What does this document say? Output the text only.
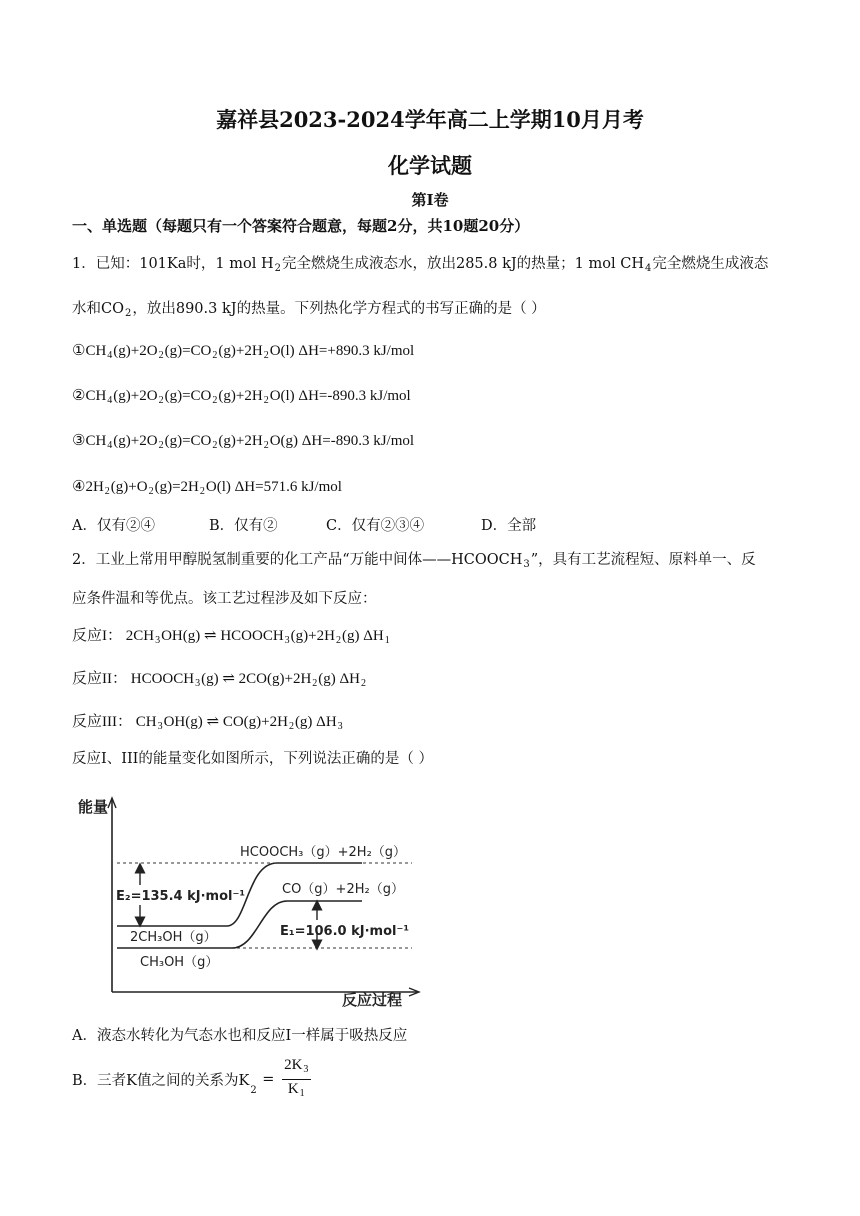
嘉祥县2023-2024学年高二上学期10月月考
化学试题
第I卷
一、单选题（每题只有一个答案符合题意，每题2分，共10题20分）
1．已知：101Ka时，1 mol $H_2$完全燃烧生成液态水，放出285.8 kJ的热量；1 mol $CH_4$完全燃烧生成液态
水和$CO_2$，放出890.3 kJ的热量。下列热化学方程式的书写正确的是（ ）
$①CH_4(g)+2O_2(g)=CO_2(g)+2H_2O(l)$ ΔH=+890.3 kJ/mol
$②CH_4(g)+2O_2(g)=CO_2(g)+2H_2O(l)$ ΔH=-890.3 kJ/mol
$③CH_4(g)+2O_2(g)=CO_2(g)+2H_2O(g)$ ΔH=-890.3 kJ/mol
$④2H_2(g)+O_2(g)=2H_2O(l)$ ΔH=571.6 kJ/mol
A．仅有②④	B．仅有②	C．仅有②③④	D．全部
2．工业上常用甲醇脱氢制重要的化工产品“万能中间体$——HCOOCH_3$”，具有工艺流程短、原料单一、反
应条件温和等优点。该工艺过程涉及如下反应：
反应I： $2CH_3OH(g)$ ⇌ $HCOOCH_3(g)+2H_2(g)$ $\Delta H_1$
反应II： $HCOOCH_3(g)$ ⇌ $2CO(g)+2H_2(g)$ $\Delta H_2$
反应III： $CH_3OH(g)$ ⇌ $CO(g)+2H_2(g)$ $\Delta H_3$
反应I、III的能量变化如图所示，下列说法正确的是（ ）
能量
反应过程
E₂=135.4 kJ·mol⁻¹
E₁=106.0 kJ·mol⁻¹
HCOOCH₃（g）+2H₂（g）
CO（g）+2H₂（g）
2CH₃OH（g）
CH₃OH（g）
A．液态水转化为气态水也和反应I一样属于吸热反应
B．三者K值之间的关系为$K_2 = \frac{2K_3}{K_1}$
